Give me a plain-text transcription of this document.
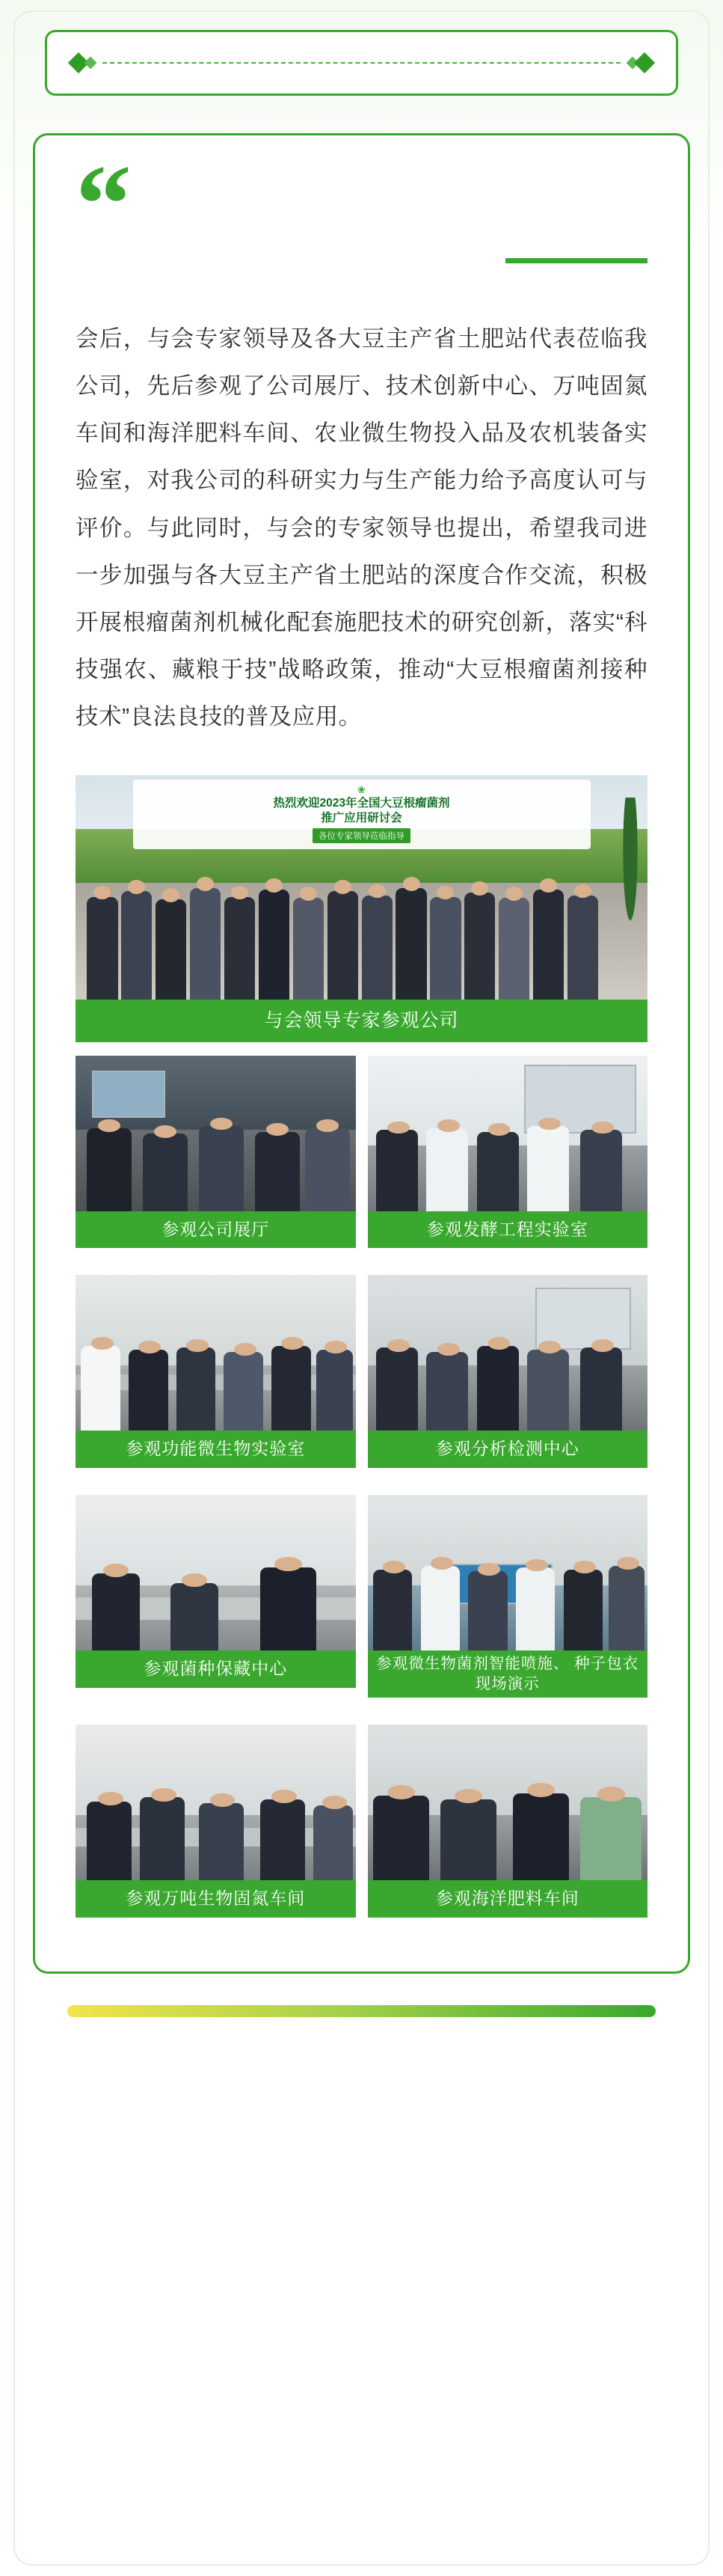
“

会后，与会专家领导及各大豆主产省土肥站代表莅临我公司，先后参观了公司展厅、技术创新中心、万吨固氮车间和海洋肥料车间、农业微生物投入品及农机装备实验室，对我公司的科研实力与生产能力给予高度认可与评价。与此同时，与会的专家领导也提出，希望我司进一步加强与各大豆主产省土肥站的深度合作交流，积极开展根瘤菌剂机械化配套施肥技术的研究创新，落实“科技强农、藏粮于技”战略政策，推动“大豆根瘤菌剂接种技术”良法良技的普及应用。

❀
热烈欢迎2023年全国大豆根瘤菌剂
推广应用研讨会
各位专家领导莅临指导
与会领导专家参观公司
参观公司展厅	参观发酵工程实验室
参观功能微生物实验室	参观分析检测中心
参观菌种保藏中心	参观微生物菌剂智能喷施、 种子包衣现场演示
参观万吨生物固氮车间	参观海洋肥料车间
